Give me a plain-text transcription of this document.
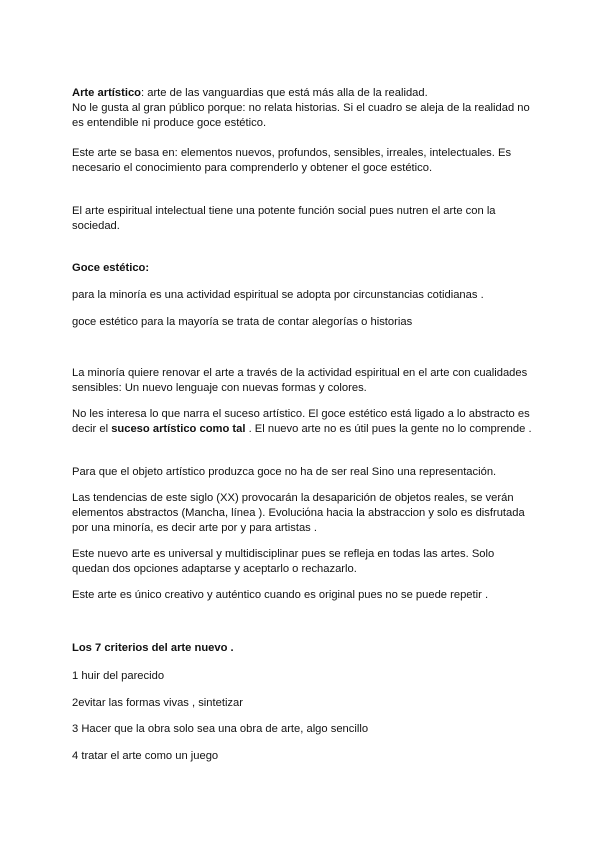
Arte artístico: arte de las vanguardias que está más alla de la realidad.
No le gusta al gran público porque: no relata historias. Si el cuadro se aleja de la realidad no es entendible ni produce goce estético.

Este arte se basa en: elementos nuevos, profundos, sensibles, irreales, intelectuales. Es necesario el conocimiento para comprenderlo y obtener el goce estético.

El arte espiritual intelectual tiene una potente función social pues nutren el arte con la sociedad.

Goce estético:

para la minoría es una actividad espiritual se adopta por circunstancias cotidianas .

goce estético para la mayoría se trata de contar alegorías o historias

La minoría quiere renovar el arte a través de la actividad espiritual en el arte con cualidades sensibles: Un nuevo lenguaje con nuevas formas y colores.

No les interesa lo que narra el suceso artístico. El goce estético está ligado a lo abstracto es decir el suceso artístico como tal . El nuevo arte no es útil pues la gente no lo comprende .

Para que el objeto artístico produzca goce no ha de ser real Sino una representación.

Las tendencias de este siglo (XX) provocarán la desaparición de objetos reales, se verán elementos abstractos (Mancha, línea ). Evoluciόna hacia la abstraccion y solo es disfrutada por una minoría, es decir arte por y para artistas .

Este nuevo arte es universal y multidisciplinar pues se refleja en todas las artes. Solo quedan dos opciones adaptarse y aceptarlo o rechazarlo.

Este arte es único creativo y auténtico cuando es original pues no se puede repetir .

Los 7 criterios del arte nuevo .

1 huir del parecido

2evitar las formas vivas , sintetizar

3 Hacer que la obra solo sea una obra de arte, algo sencillo

4 tratar el arte como un juego
